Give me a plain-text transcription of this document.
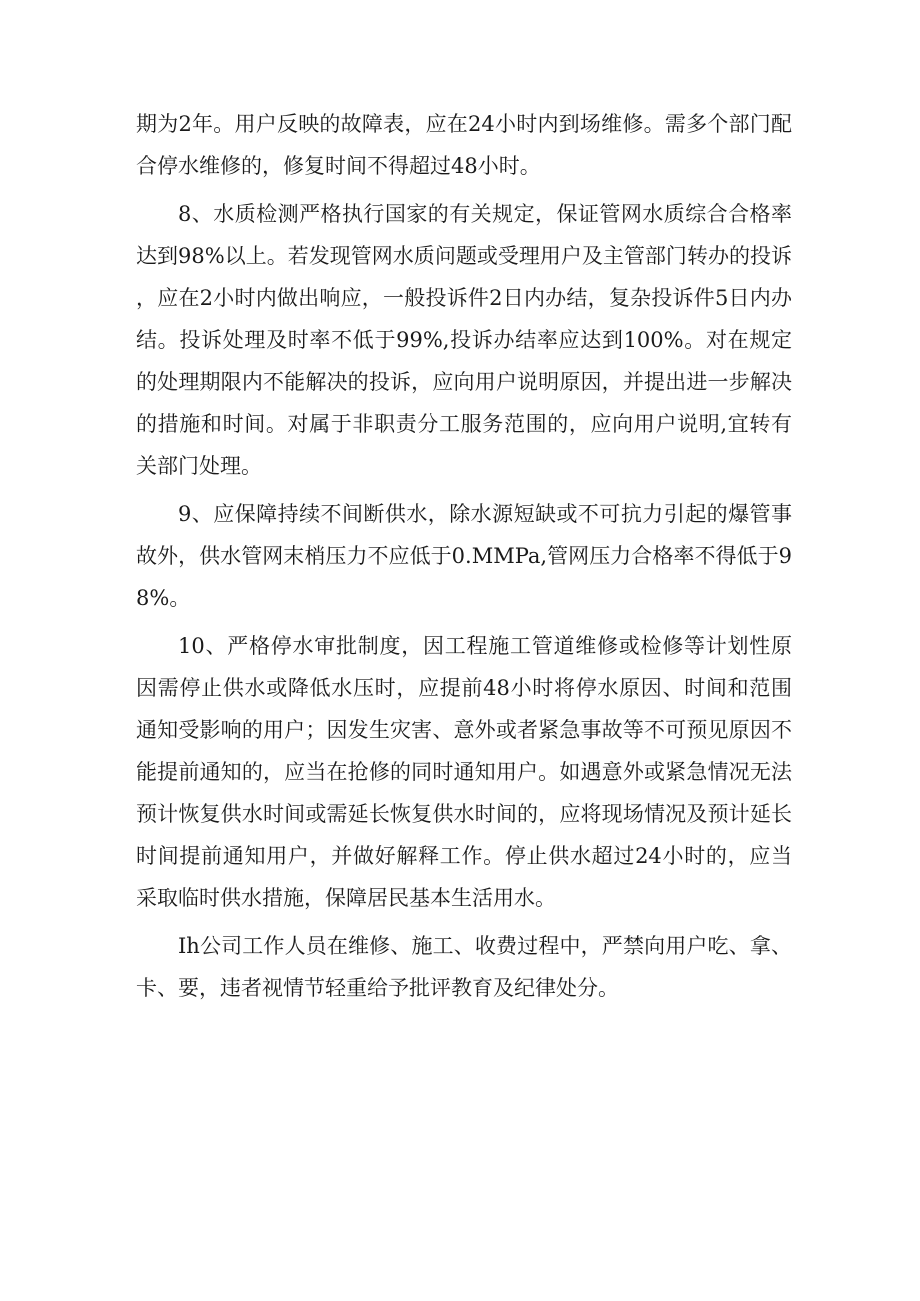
期为2年。用户反映的故障表，应在24小时内到场维修。需多个部门配合停水维修的，修复时间不得超过48小时。

8、水质检测严格执行国家的有关规定，保证管网水质综合合格率达到98%以上。若发现管网水质问题或受理用户及主管部门转办的投诉，应在2小时内做出响应，一般投诉件2日内办结，复杂投诉件5日内办结。投诉处理及时率不低于99%,投诉办结率应达到100%。对在规定的处理期限内不能解决的投诉，应向用户说明原因，并提出进一步解决的措施和时间。对属于非职责分工服务范围的，应向用户说明,宜转有关部门处理。

9、应保障持续不间断供水，除水源短缺或不可抗力引起的爆管事故外，供水管网末梢压力不应低于0.MMPa,管网压力合格率不得低于98%。

10、严格停水审批制度，因工程施工管道维修或检修等计划性原因需停止供水或降低水压时，应提前48小时将停水原因、时间和范围通知受影响的用户；因发生灾害、意外或者紧急事故等不可预见原因不能提前通知的，应当在抢修的同时通知用户。如遇意外或紧急情况无法预计恢复供水时间或需延长恢复供水时间的，应将现场情况及预计延长时间提前通知用户，并做好解释工作。停止供水超过24小时的，应当采取临时供水措施，保障居民基本生活用水。

Ih公司工作人员在维修、施工、收费过程中，严禁向用户吃、拿、卡、要，违者视情节轻重给予批评教育及纪律处分。
